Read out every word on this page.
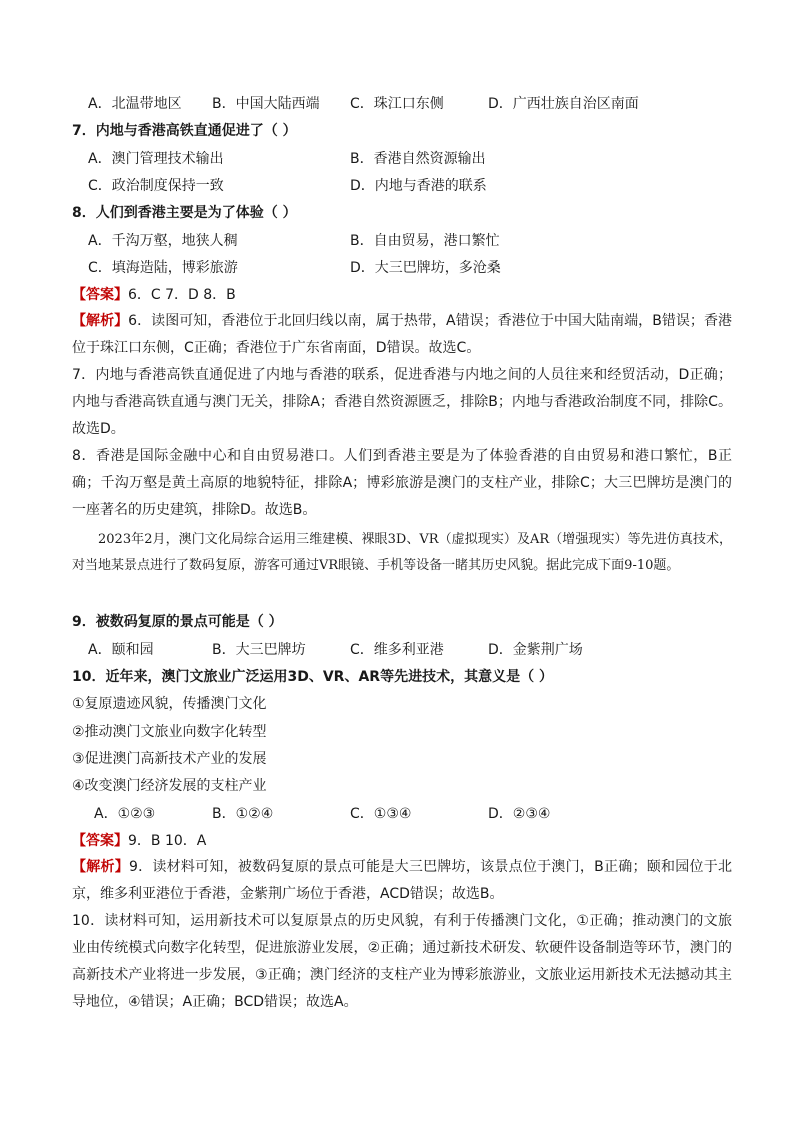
A．北温带地区 B．中国大陆西端 C．珠江口东侧	D．广西壮族自治区南面
7．内地与香港高铁直通促进了（ ）
A．澳门管理技术输出	B．香港自然资源输出
C．政治制度保持一致	D．内地与香港的联系
8．人们到香港主要是为了体验（ ）
A．千沟万壑，地狭人稠	B．自由贸易，港口繁忙
C．填海造陆，博彩旅游	D．大三巴牌坊，多沧桑
【答案】6．C 7．D 8．B
【解析】6．读图可知，香港位于北回归线以南，属于热带，A错误；香港位于中国大陆南端，B错误；香港位于珠江口东侧，C正确；香港位于广东省南面，D错误。故选C。
7．内地与香港高铁直通促进了内地与香港的联系，促进香港与内地之间的人员往来和经贸活动，D正确；内地与香港高铁直通与澳门无关，排除A；香港自然资源匮乏，排除B；内地与香港政治制度不同，排除C。故选D。
8．香港是国际金融中心和自由贸易港口。人们到香港主要是为了体验香港的自由贸易和港口繁忙，B正确；千沟万壑是黄土高原的地貌特征，排除A；博彩旅游是澳门的支柱产业，排除C；大三巴牌坊是澳门的一座著名的历史建筑，排除D。故选B。
2023年2月，澳门文化局综合运用三维建模、裸眼3D、VR（虚拟现实）及AR（增强现实）等先进仿真技术，对当地某景点进行了数码复原，游客可通过VR眼镜、手机等设备一睹其历史风貌。据此完成下面9-10题。
9．被数码复原的景点可能是（ ）
A．颐和园	B．大三巴牌坊	C．维多利亚港	D．金紫荆广场
10．近年来，澳门文旅业广泛运用3D、VR、AR等先进技术，其意义是（ ）
①复原遗迹风貌，传播澳门文化
②推动澳门文旅业向数字化转型
③促进澳门高新技术产业的发展
④改变澳门经济发展的支柱产业
A．①②③	B．①②④	C．①③④	D．②③④
【答案】9．B 10．A
【解析】9．读材料可知，被数码复原的景点可能是大三巴牌坊，该景点位于澳门，B正确；颐和园位于北京，维多利亚港位于香港，金紫荆广场位于香港，ACD错误；故选B。
10．读材料可知，运用新技术可以复原景点的历史风貌，有利于传播澳门文化，①正确；推动澳门的文旅业由传统模式向数字化转型，促进旅游业发展，②正确；通过新技术研发、软硬件设备制造等环节，澳门的高新技术产业将进一步发展，③正确；澳门经济的支柱产业为博彩旅游业，文旅业运用新技术无法撼动其主导地位，④错误；A正确；BCD错误；故选A。
